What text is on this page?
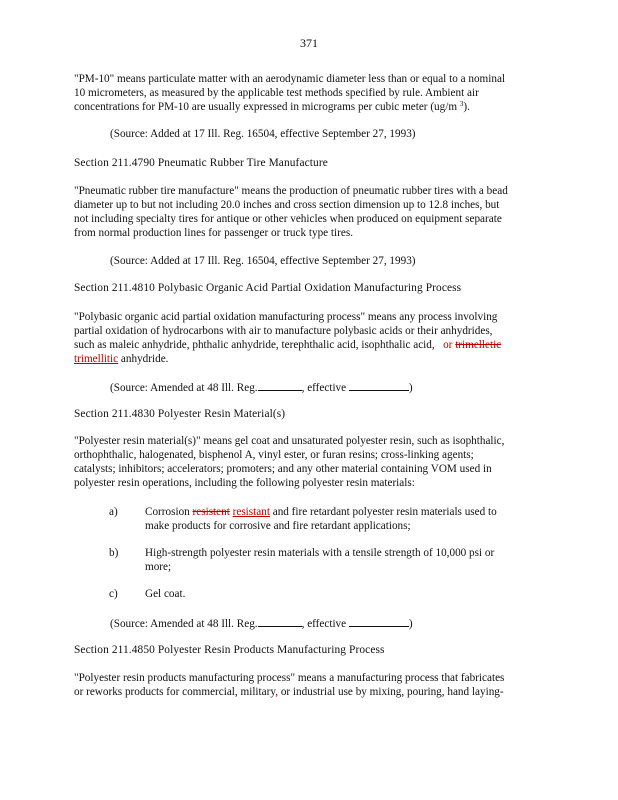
371
"PM-10" means particulate matter with an aerodynamic diameter less than or equal to a nominal
10 micrometers, as measured by the applicable test methods specified by rule. Ambient air
concentrations for PM-10 are usually expressed in micrograms per cubic meter (ug/m $^3$).
(Source: Added at 17 Ill. Reg. 16504, effective September 27, 1993)
Section 211.4790 Pneumatic Rubber Tire Manufacture
"Pneumatic rubber tire manufacture" means the production of pneumatic rubber tires with a bead
diameter up to but not including 20.0 inches and cross section dimension up to 12.8 inches, but
not including specialty tires for antique or other vehicles when produced on equipment separate
from normal production lines for passenger or truck type tires.
(Source: Added at 17 Ill. Reg. 16504, effective September 27, 1993)
Section 211.4810 Polybasic Organic Acid Partial Oxidation Manufacturing Process
"Polybasic organic acid partial oxidation manufacturing process" means any process involving
partial oxidation of hydrocarbons with air to manufacture polybasic acids or their anhydrides,
such as maleic anhydride, phthalic anhydride, terephthalic acid, isophthalic acid, or trimelletic
trimellitic anhydride.
(Source: Amended at 48 Ill. Reg.	, effective	)
Section 211.4830 Polyester Resin Material(s)
"Polyester resin material(s)" means gel coat and unsaturated polyester resin, such as isophthalic,
orthophthalic, halogenated, bisphenol A, vinyl ester, or furan resins; cross-linking agents;
catalysts; inhibitors; accelerators; promoters; and any other material containing VOM used in
polyester resin operations, including the following polyester resin materials:
a)	Corrosion resistent resistant and fire retardant polyester resin materials used to
make products for corrosive and fire retardant applications;
b)	High-strength polyester resin materials with a tensile strength of 10,000 psi or
more;
c)	Gel coat.
(Source: Amended at 48 Ill. Reg.	, effective	)
Section 211.4850 Polyester Resin Products Manufacturing Process
"Polyester resin products manufacturing process" means a manufacturing process that fabricates
or reworks products for commercial, military, or industrial use by mixing, pouring, hand laying-
